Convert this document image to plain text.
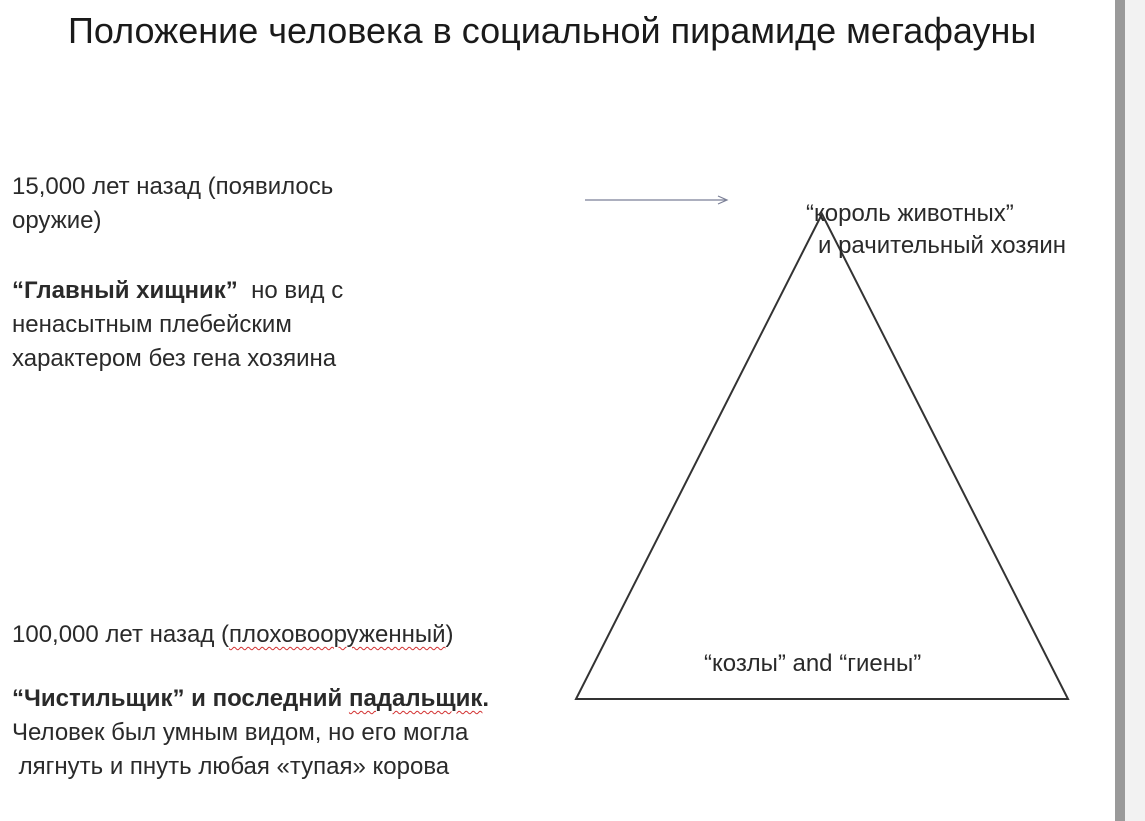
Положение человека в социальной пирамиде мегафауны
15,000 лет назад (появилось
оружие)
“Главный хищник”  но вид с
ненасытным плебейским
характером без гена хозяина
100,000 лет назад (плоховооруженный)
“Чистильщик” и последний падальщик.
Человек был умным видом, но его могла
лягнуть и пнуть любая «тупая» корова
“король животных”
и рачительный хозяин
“козлы” and “гиены”
